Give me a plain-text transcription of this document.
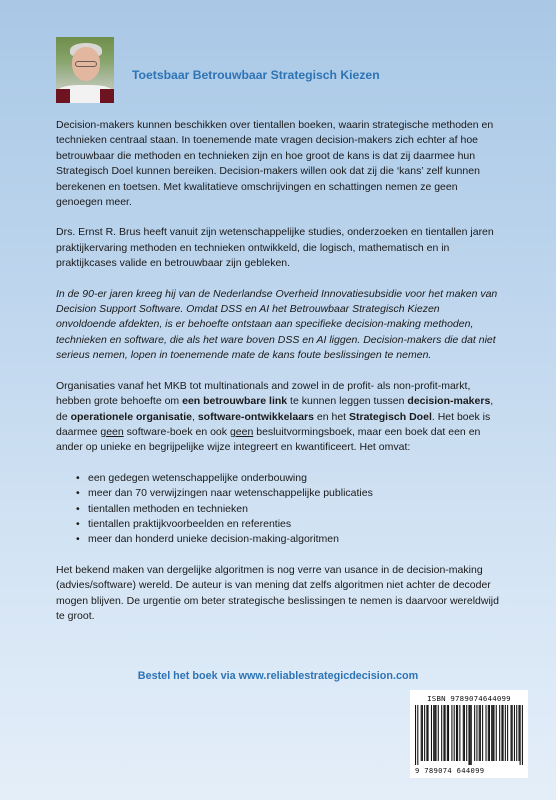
Toetsbaar Betrouwbaar Strategisch Kiezen

Decision-makers kunnen beschikken over tientallen boeken, waarin strategische methoden en technieken centraal staan. In toenemende mate vragen decision-makers zich echter af hoe betrouwbaar die methoden en technieken zijn en hoe groot de kans is dat zij daarmee hun Strategisch Doel kunnen bereiken. Decision-makers willen ook dat zij die ‘kans’ zelf kunnen berekenen en toetsen. Met kwalitatieve omschrijvingen en schattingen nemen ze geen genoegen meer.

Drs. Ernst R. Brus heeft vanuit zijn wetenschappelijke studies, onderzoeken en tientallen jaren praktijkervaring methoden en technieken ontwikkeld, die logisch, mathematisch en in praktijkcases valide en betrouwbaar zijn gebleken.

In de 90-er jaren kreeg hij van de Nederlandse Overheid Innovatiesubsidie voor het maken van Decision Support Software. Omdat DSS en AI het Betrouwbaar Strategisch Kiezen onvoldoende afdekten, is er behoefte ontstaan aan specifieke decision-making methoden, technieken en software, die als het ware boven DSS en AI liggen. Decision-makers die dat niet serieus nemen, lopen in toenemende mate de kans foute beslissingen te nemen.

Organisaties vanaf het MKB tot multinationals and zowel in de profit- als non-profit-markt, hebben grote behoefte om een betrouwbare link te kunnen leggen tussen decision-makers, de operationele organisatie, software-ontwikkelaars en het Strategisch Doel. Het boek is daarmee geen software-boek en ook geen besluitvormingsboek, maar een boek dat een en ander op unieke en begrijpelijke wijze integreert en kwantificeert. Het omvat:

• een gedegen wetenschappelijke onderbouwing
• meer dan 70 verwijzingen naar wetenschappelijke publicaties
• tientallen methoden en technieken
• tientallen praktijkvoorbeelden en referenties
• meer dan honderd unieke decision-making-algoritmen

Het bekend maken van dergelijke algoritmen is nog verre van usance in de decision-making (advies/software) wereld. De auteur is van mening dat zelfs algoritmen niet achter de decoder mogen blijven. De urgentie om beter strategische beslissingen te nemen is daarvoor wereldwijd te groot.

Bestel het boek via www.reliablestrategicdecision.com
ISBN 9789074644099
9 789074 644099
